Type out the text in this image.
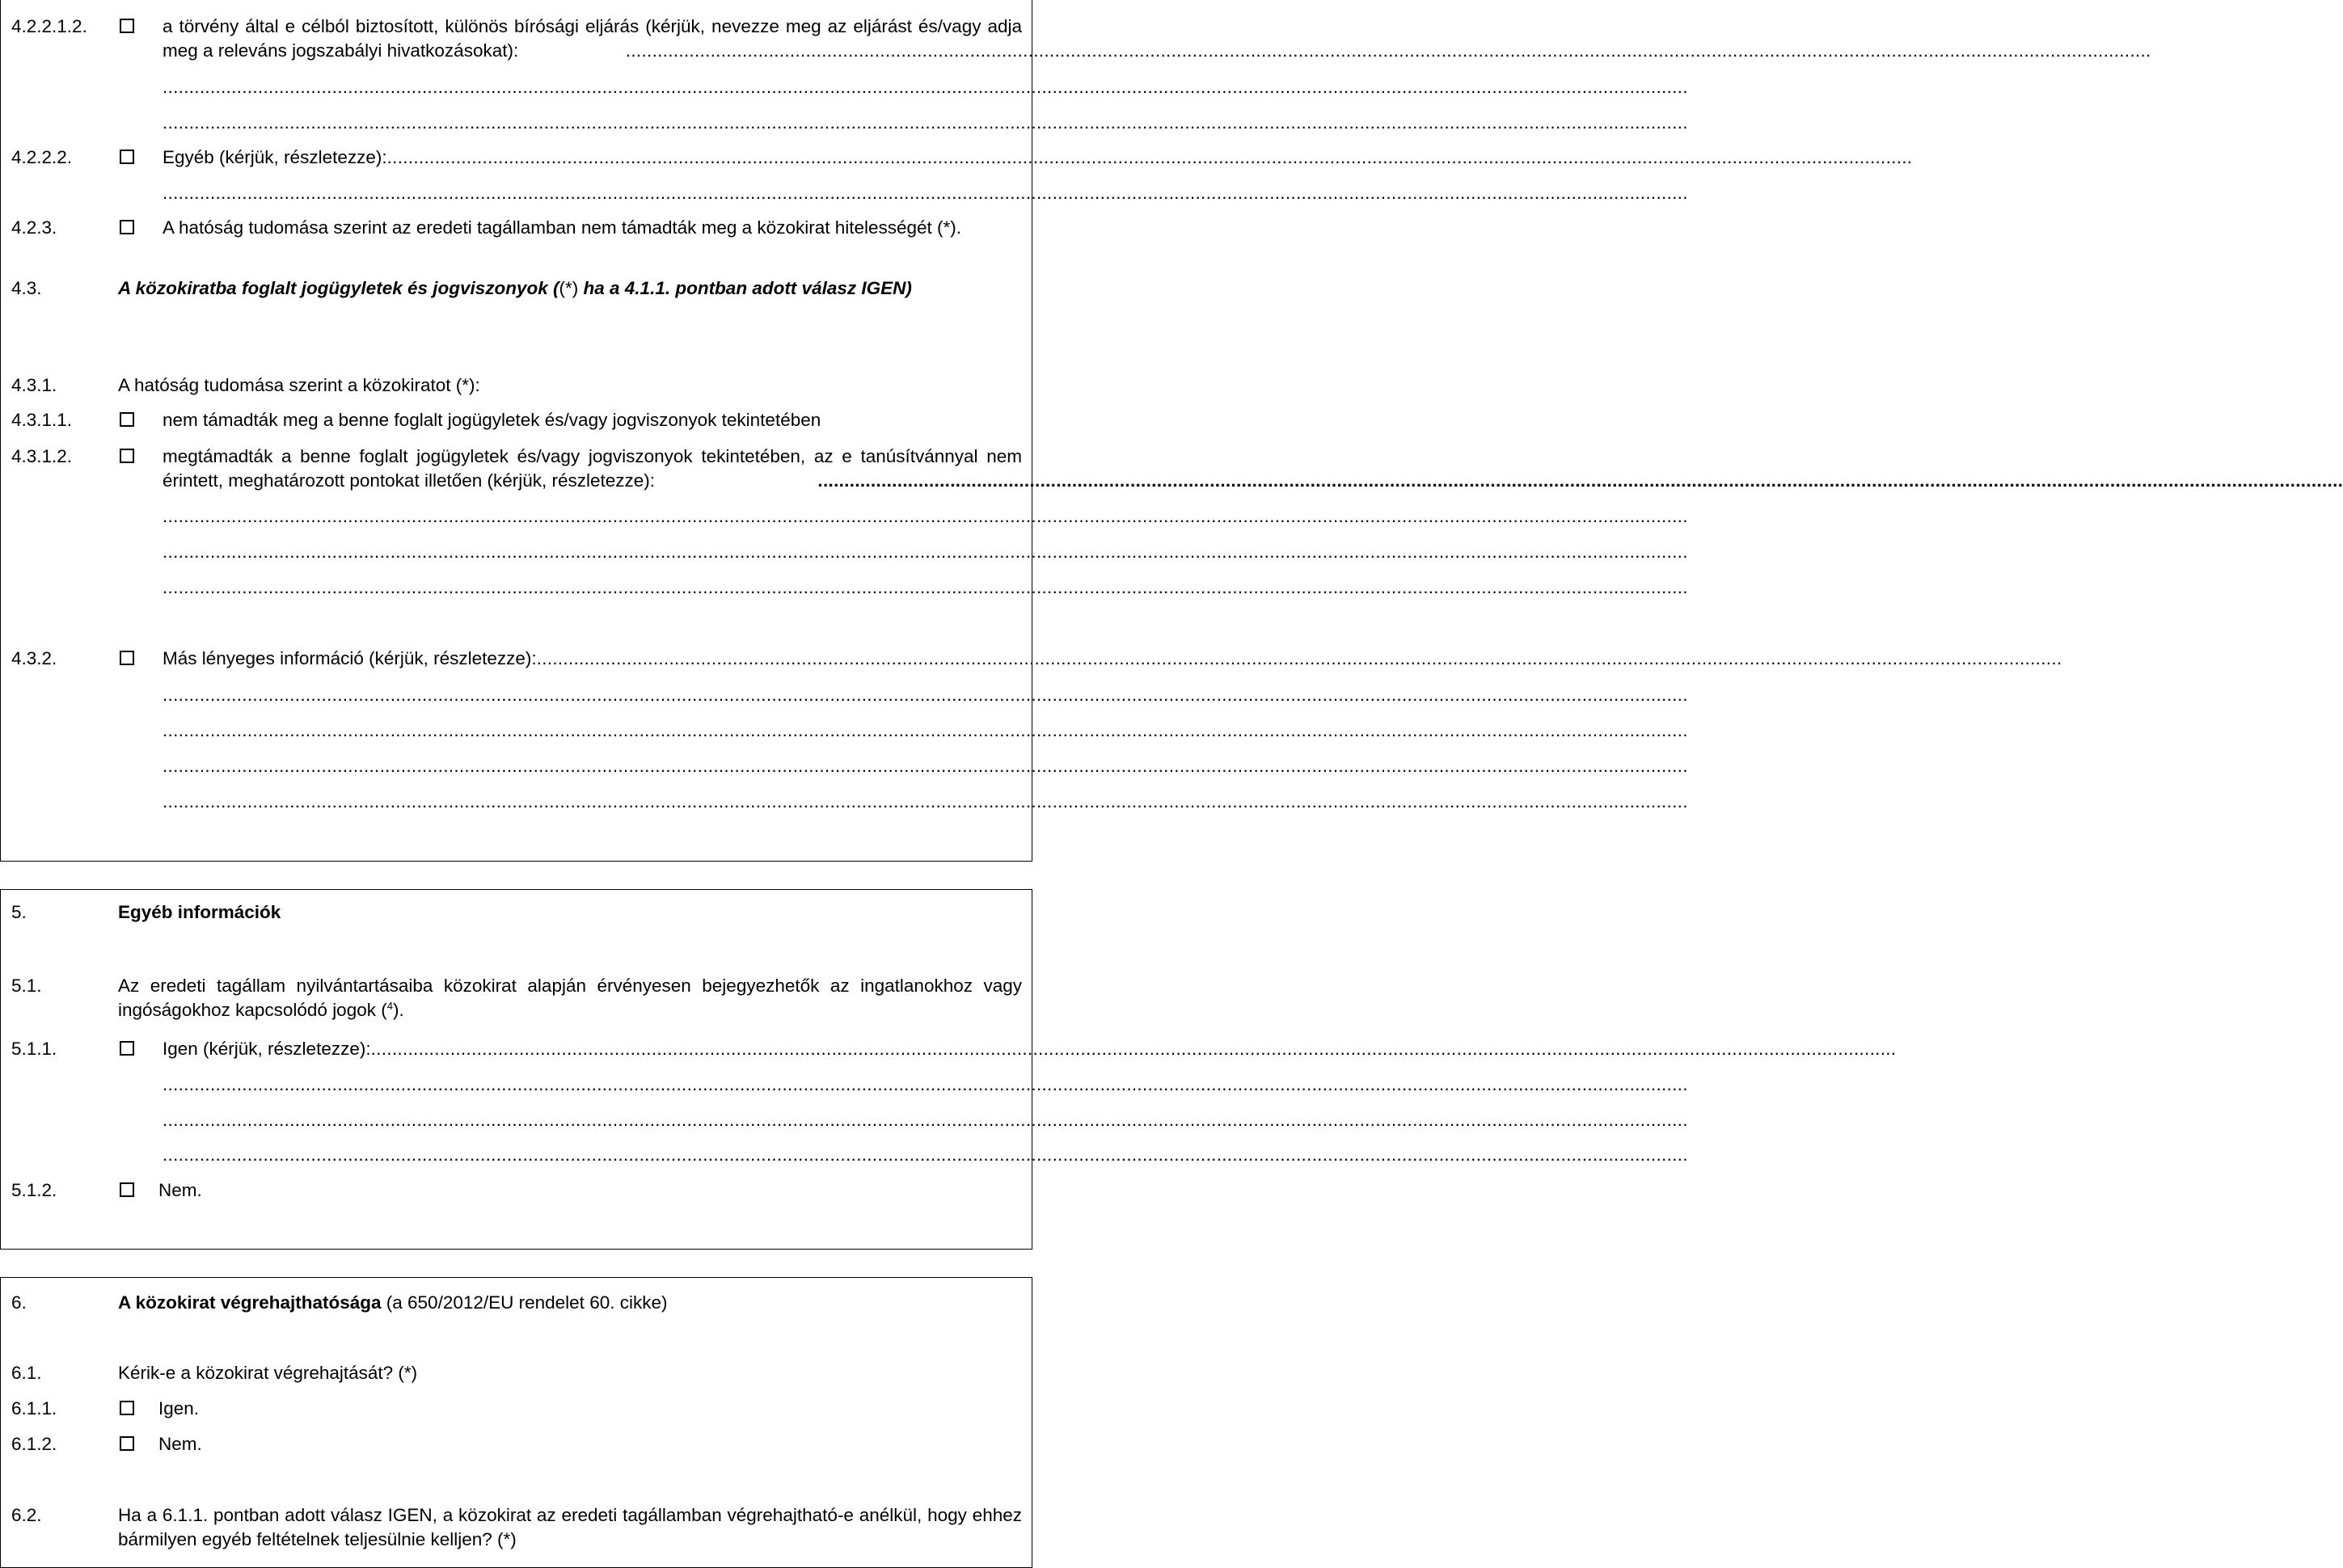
4.2.2.1.2.	a törvény által e célból biztosított, különös bírósági eljárás (kérjük, nevezze meg az eljárást és/vagy adja meg a releváns jogszabályi hivatkozásokat):	................................................................................................................................................................................................................................................................................................
................................................................................................................................................................................................................................................................................................
................................................................................................................................................................................................................................................................................................
4.2.2.2.	Egyéb (kérjük, részletezze): ................................................................................................................................................................................................................................................................................................
................................................................................................................................................................................................................................................................................................
4.2.3.	A hatóság tudomása szerint az eredeti tagállamban nem támadták meg a közokirat hitelességét (*).
4.3.	A közokiratba foglalt jogügyletek és jogviszonyok ((*) ha a 4.1.1. pontban adott válasz IGEN)
4.3.1.	A hatóság tudomása szerint a közokiratot (*):
4.3.1.1.	nem támadták meg a benne foglalt jogügyletek és/vagy jogviszonyok tekintetében
4.3.1.2.	megtámadták a benne foglalt jogügyletek és/vagy jogviszonyok tekintetében, az e tanúsítvánnyal nem érintett, meghatározott pontokat illetően (kérjük, részletezze):	................................................................................................................................................................................................................................................................................................
................................................................................................................................................................................................................................................................................................
................................................................................................................................................................................................................................................................................................
................................................................................................................................................................................................................................................................................................
4.3.2.	Más lényeges információ (kérjük, részletezze): ................................................................................................................................................................................................................................................................................................
................................................................................................................................................................................................................................................................................................
................................................................................................................................................................................................................................................................................................
................................................................................................................................................................................................................................................................................................
................................................................................................................................................................................................................................................................................................
5.	Egyéb információk
5.1.	Az eredeti tagállam nyilvántartásaiba közokirat alapján érvényesen bejegyezhetők az ingatlanokhoz vagy ingóságokhoz kapcsolódó jogok ($^4$).
5.1.1.	Igen (kérjük, részletezze): ................................................................................................................................................................................................................................................................................................
................................................................................................................................................................................................................................................................................................
................................................................................................................................................................................................................................................................................................
................................................................................................................................................................................................................................................................................................
5.1.2.	Nem.
6.	A közokirat végrehajthatósága (a 650/2012/EU rendelet 60. cikke)
6.1.	Kérik-e a közokirat végrehajtását? (*)
6.1.1.	Igen.
6.1.2.	Nem.
6.2.	Ha a 6.1.1. pontban adott válasz IGEN, a közokirat az eredeti tagállamban végrehajtható-e anélkül, hogy ehhez bármilyen egyéb feltételnek teljesülnie kelljen? (*)
